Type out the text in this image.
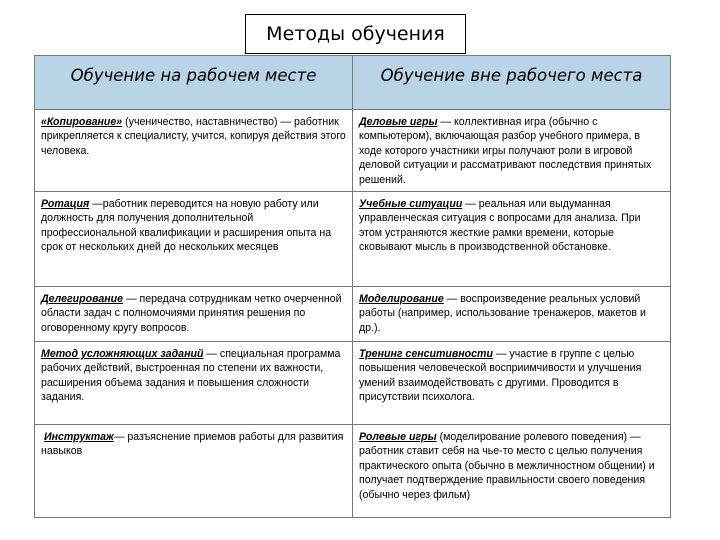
Методы обучения
Обучение на рабочем месте	Обучение вне рабочего места

«Копирование» (ученичество, наставничество) — работник прикрепляется к специалисту, учится, копируя действия этого человека.	Деловые игры — коллективная игра (обычно с компьютером), включающая разбор учебного примера, в ходе которого участники игры получают роли в игровой деловой ситуации и рассматривают последствия принятых решений.

Ротация —работник переводится на новую работу или должность для получения дополнительной профессиональной квалификации и расширения опыта на срок от нескольких дней до нескольких месяцев	Учебные ситуации — реальная или выдуманная управленческая ситуация с вопросами для анализа. При этом устраняются жесткие рамки времени, которые сковывают мысль в производственной обстановке.

Делегирование — передача сотрудникам четко очерченной области задач с полномочиями принятия решения по оговоренному кругу вопросов.	Моделирование — воспроизведение реальных условий работы (например, использование тренажеров, макетов и др.).

Метод усложняющих заданий — специальная программа рабочих действий, выстроенная по степени их важности, расширения объема задания и повышения сложности задания.	Тренинг сенситивности — участие в группе с целью повышения человеческой восприимчивости и улучшения умений взаимодействовать с другими. Проводится в присутствии психолога.

Инструктаж— разъяснение приемов работы для развития навыков	Ролевые игры (моделирование ролевого поведения) — работник ставит себя на чье-то место с целью получения практического опыта (обычно в межличностном общении) и получает подтверждение правильности своего поведения (обычно через фильм)
